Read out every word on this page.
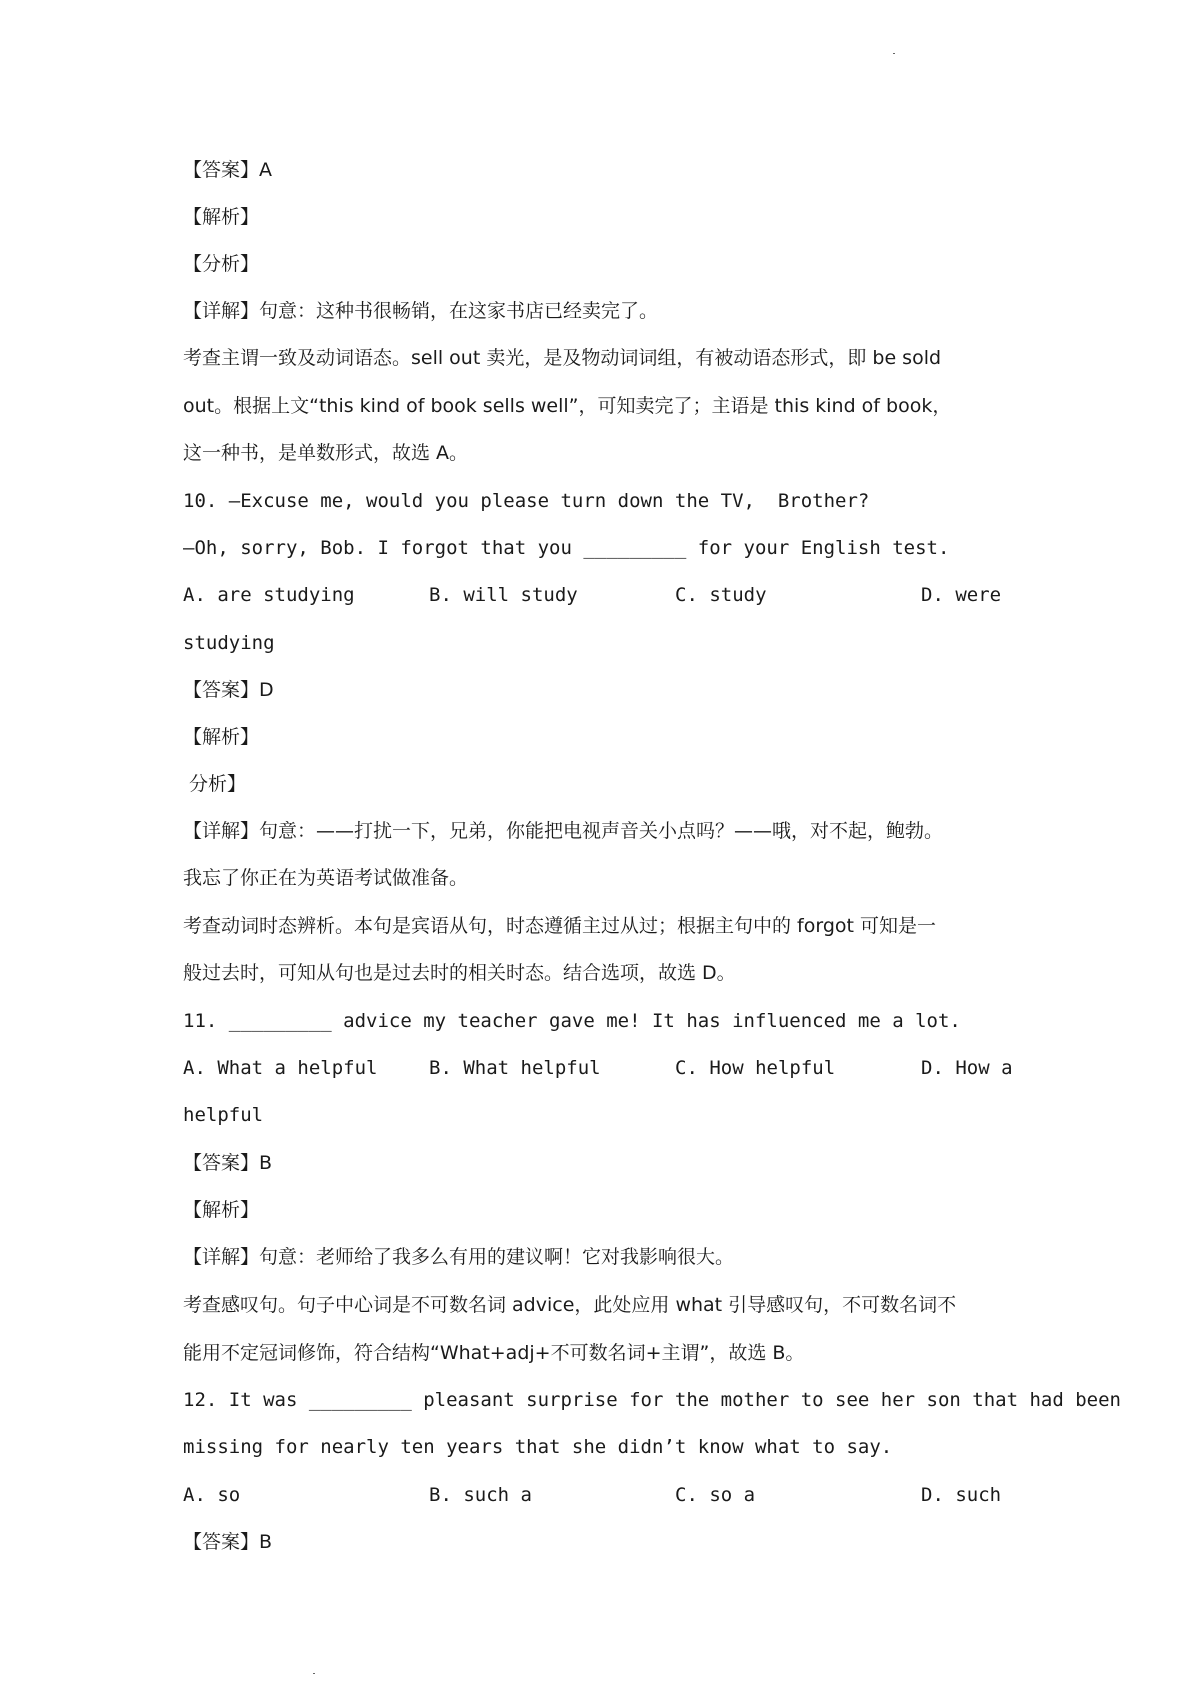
【答案】A
【解析】
【分析】
【详解】句意：这种书很畅销，在这家书店已经卖完了。
考查主谓一致及动词语态。sell out 卖光，是及物动词词组，有被动语态形式，即 be sold
out。根据上文“this kind of book sells well”，可知卖完了；主语是 this kind of book，
这一种书，是单数形式，故选 A。
10. —Excuse me, would you please turn down the TV,  Brother?
—Oh, sorry, Bob. I forgot that you _________ for your English test.

A. are studying

	B. will study

	C. study

	D. were

studying
【答案】D
【解析】
分析】
【详解】句意：——打扰一下，兄弟，你能把电视声音关小点吗？——哦，对不起，鲍勃。
我忘了你正在为英语考试做准备。
考查动词时态辨析。本句是宾语从句，时态遵循主过从过；根据主句中的 forgot 可知是一
般过去时，可知从句也是过去时的相关时态。结合选项，故选 D。
11. _________ advice my teacher gave me! It has influenced me a lot.

A. What a helpful

	B. What helpful

	C. How helpful

	D. How a

helpful
【答案】B
【解析】
【详解】句意：老师给了我多么有用的建议啊！它对我影响很大。
考查感叹句。句子中心词是不可数名词 advice，此处应用 what 引导感叹句，不可数名词不
能用不定冠词修饰，符合结构“What+adj+不可数名词+主谓”，故选 B。
12. It was _________ pleasant surprise for the mother to see her son that had been
missing for nearly ten years that she didn’t know what to say.

A. so

	B. such a

	C. so a

	D. such

【答案】B
